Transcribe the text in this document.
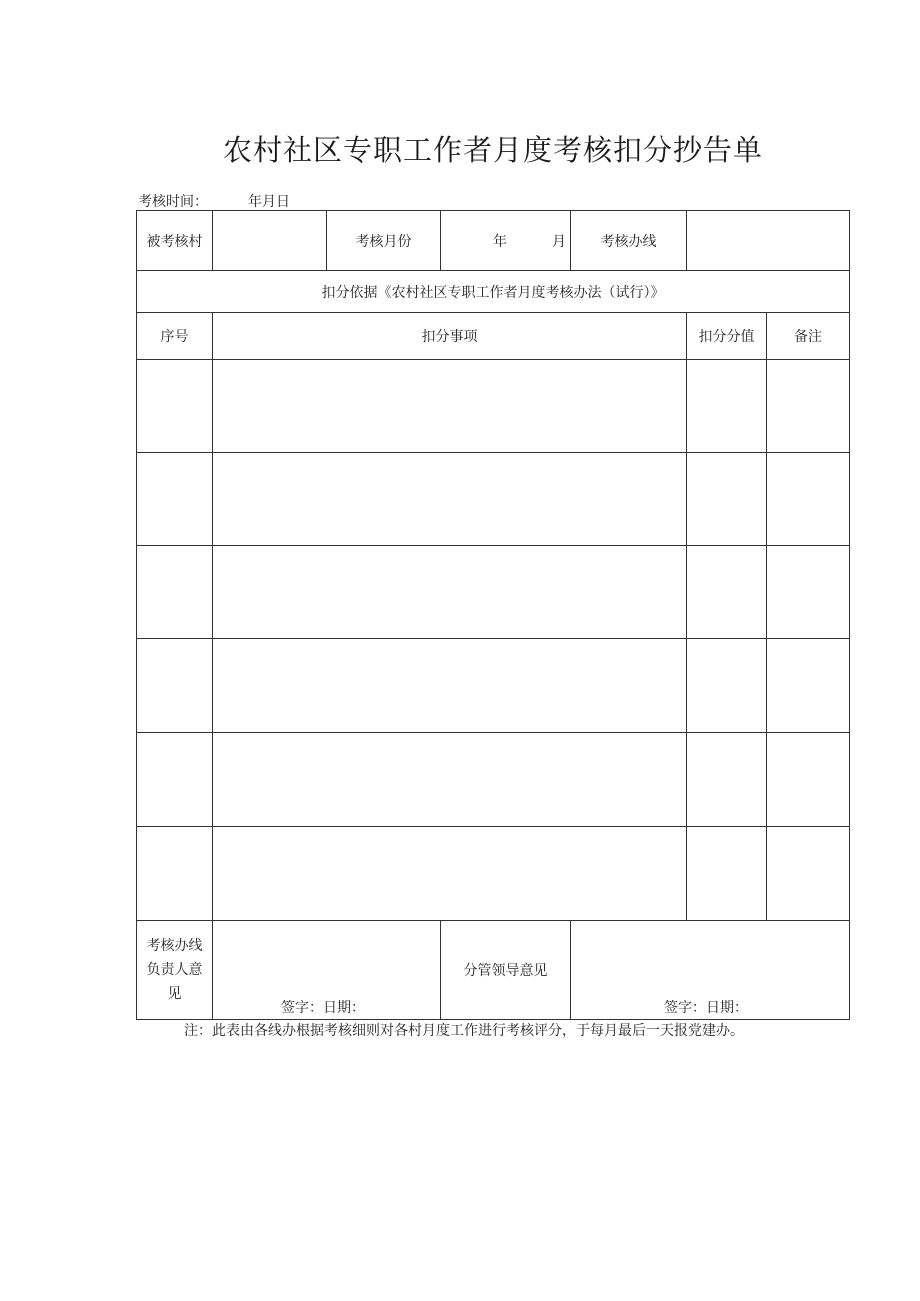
农村社区专职工作者月度考核扣分抄告单
考核时间：	年月日
被考核村		考核月份	年 月	考核办线		
扣分依据《农村社区专职工作者月度考核办法（试行）》						
序号	扣分事项				扣分分值	备注

考核办线负责人意见	签字：日期：		分管领导意见	签字：日期：		
注：此表由各线办根据考核细则对各村月度工作进行考核评分，于每月最后一天报党建办。
